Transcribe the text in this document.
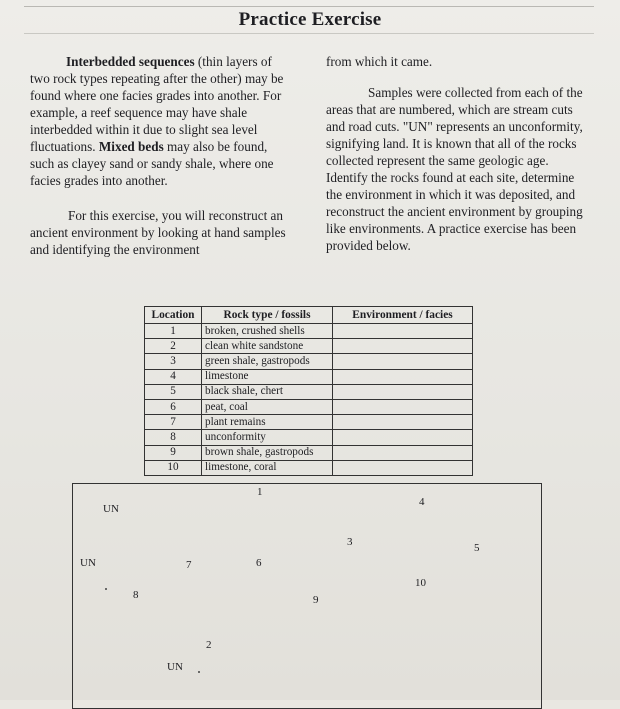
Practice Exercise

Interbedded sequences (thin layers of two rock types repeating after the other) may be found where one facies grades into another. For example, a reef sequence may have shale interbedded within it due to slight sea level fluctuations. Mixed beds may also be found, such as clayey sand or sandy shale, where one facies grades into another.

For this exercise, you will reconstruct an ancient environment by looking at hand samples and identifying the environment

from which it came.

Samples were collected from each of the areas that are numbered, which are stream cuts and road cuts. "UN" represents an unconformity, signifying land. It is known that all of the rocks collected represent the same geologic age. Identify the rocks found at each site, determine the environment in which it was deposited, and reconstruct the ancient environment by grouping like environments. A practice exercise has been provided below.

Location	Rock type / fossils	Environment / facies
1	broken, crushed shells	
2	clean white sandstone	
3	green shale, gastropods	
4	limestone	
5	black shale, chert	
6	peat, coal	
7	plant remains	
8	unconformity	
9	brown shale, gastropods	
10	limestone, coral	
1
4
UN
3	5
UN	7	6
10
8	9
2
UN
